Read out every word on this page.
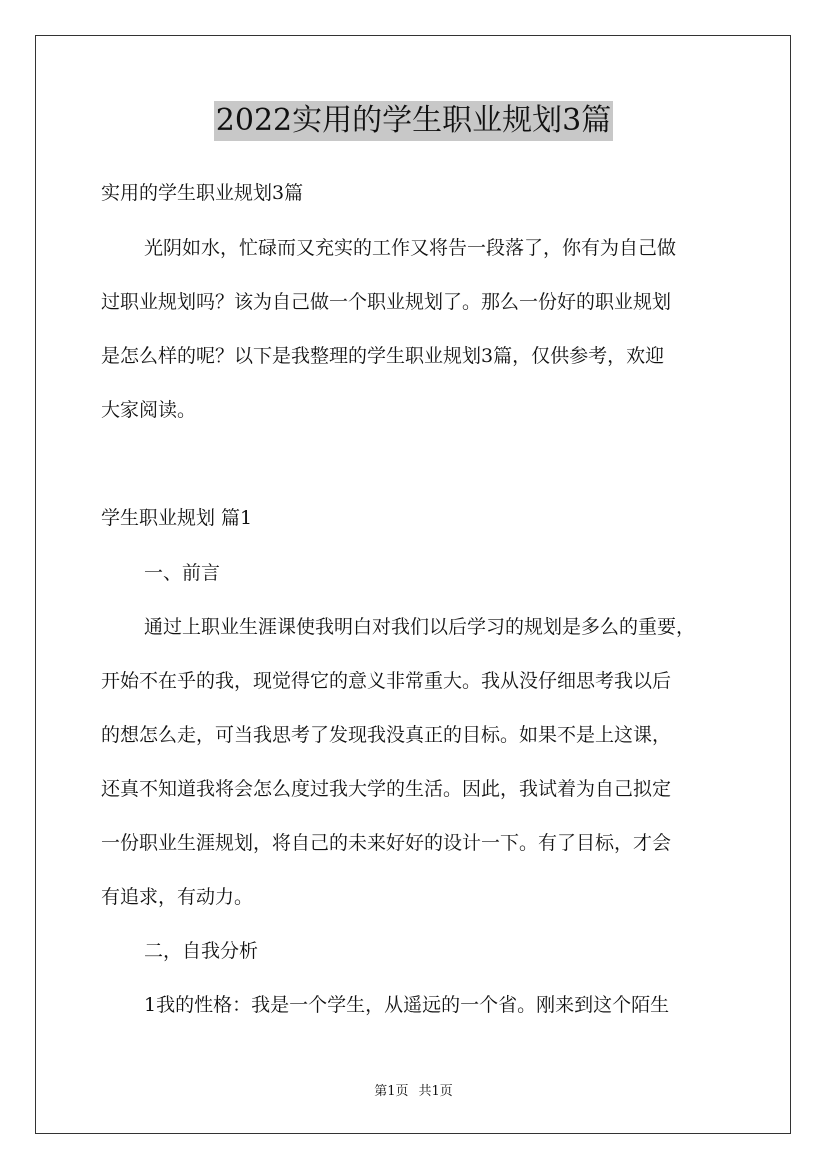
2022实用的学生职业规划3篇
实用的学生职业规划3篇
光阴如水，忙碌而又充实的工作又将告一段落了，你有为自己做
过职业规划吗？该为自己做一个职业规划了。那么一份好的职业规划
是怎么样的呢？以下是我整理的学生职业规划3篇，仅供参考，欢迎
大家阅读。
学生职业规划 篇1
一、前言
通过上职业生涯课使我明白对我们以后学习的规划是多么的重要，
开始不在乎的我，现觉得它的意义非常重大。我从没仔细思考我以后
的想怎么走，可当我思考了发现我没真正的目标。如果不是上这课，
还真不知道我将会怎么度过我大学的生活。因此，我试着为自己拟定
一份职业生涯规划，将自己的未来好好的设计一下。有了目标，才会
有追求，有动力。
二，自我分析
1我的性格：我是一个学生，从遥远的一个省。刚来到这个陌生
第1页 共1页
